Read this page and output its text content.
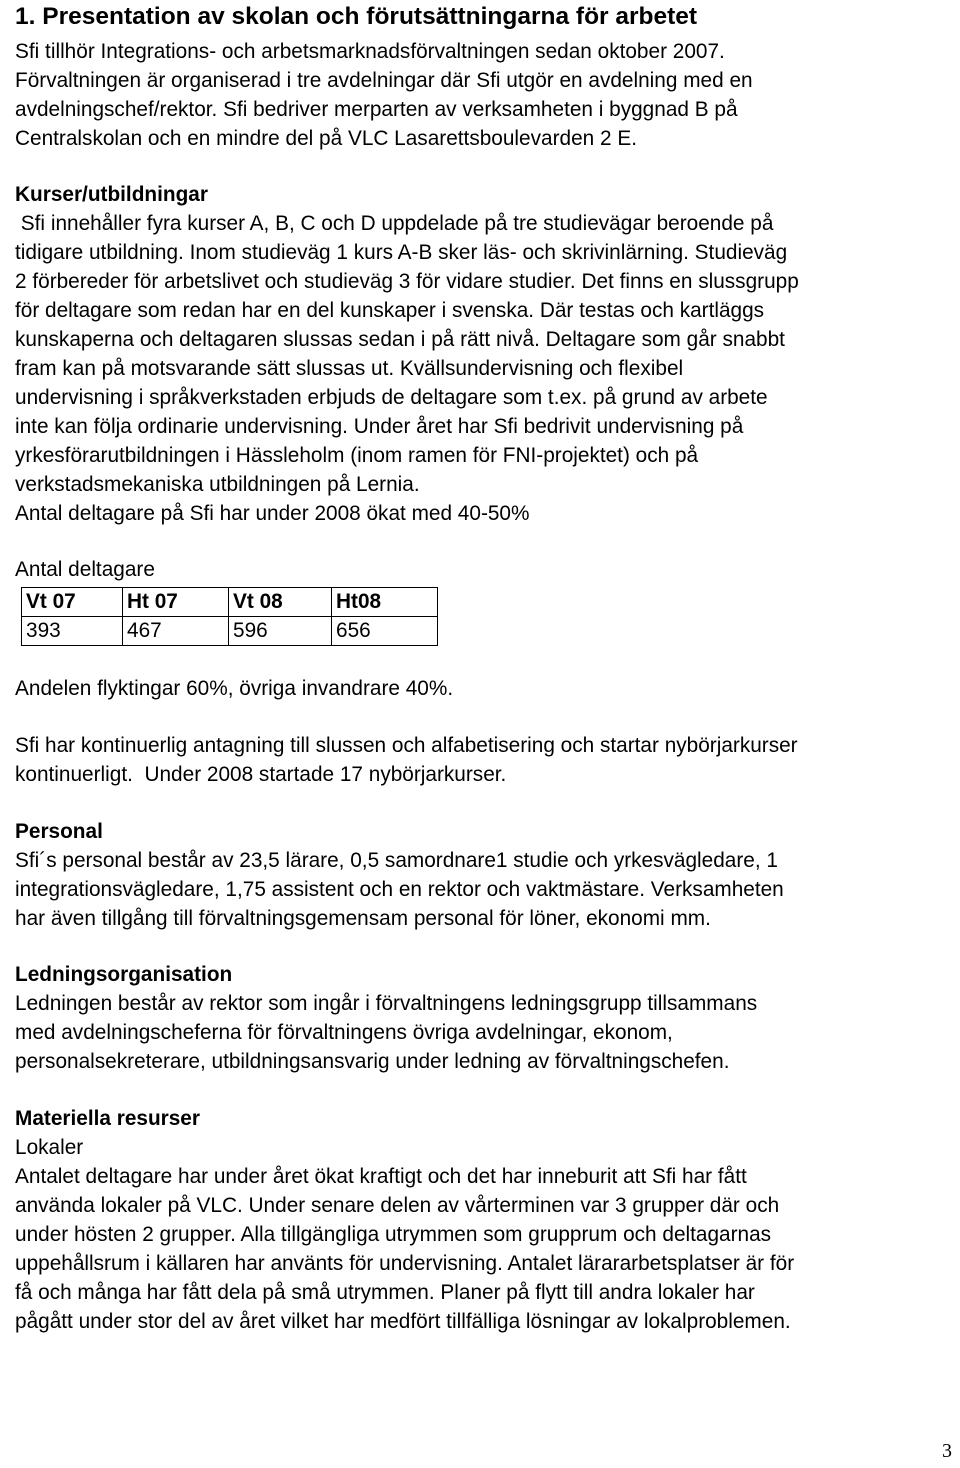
1. Presentation av skolan och förutsättningarna för arbetet
Sfi tillhör Integrations- och arbetsmarknadsförvaltningen sedan oktober 2007.
Förvaltningen är organiserad i tre avdelningar där Sfi utgör en avdelning med en
avdelningschef/rektor. Sfi bedriver merparten av verksamheten i byggnad B på
Centralskolan och en mindre del på VLC Lasarettsboulevarden 2 E.
Kurser/utbildningar
Sfi innehåller fyra kurser A, B, C och D uppdelade på tre studievägar beroende på
tidigare utbildning. Inom studieväg 1 kurs A-B sker läs- och skrivinlärning. Studieväg
2 förbereder för arbetslivet och studieväg 3 för vidare studier. Det finns en slussgrupp
för deltagare som redan har en del kunskaper i svenska. Där testas och kartläggs
kunskaperna och deltagaren slussas sedan i på rätt nivå. Deltagare som går snabbt
fram kan på motsvarande sätt slussas ut. Kvällsundervisning och flexibel
undervisning i språkverkstaden erbjuds de deltagare som t.ex. på grund av arbete
inte kan följa ordinarie undervisning. Under året har Sfi bedrivit undervisning på
yrkesförarutbildningen i Hässleholm (inom ramen för FNI-projektet) och på
verkstadsmekaniska utbildningen på Lernia.
Antal deltagare på Sfi har under 2008 ökat med 40-50%
Antal deltagare
Vt 07	Ht 07	Vt 08	Ht08
393	467	596	656
Andelen flyktingar 60%, övriga invandrare 40%.
Sfi har kontinuerlig antagning till slussen och alfabetisering och startar nybörjarkurser
kontinuerligt.  Under 2008 startade 17 nybörjarkurser.
Personal
Sfi´s personal består av 23,5 lärare, 0,5 samordnare1 studie och yrkesvägledare, 1
integrationsvägledare, 1,75 assistent och en rektor och vaktmästare. Verksamheten
har även tillgång till förvaltningsgemensam personal för löner, ekonomi mm.
Ledningsorganisation
Ledningen består av rektor som ingår i förvaltningens ledningsgrupp tillsammans
med avdelningscheferna för förvaltningens övriga avdelningar, ekonom,
personalsekreterare, utbildningsansvarig under ledning av förvaltningschefen.
Materiella resurser
Lokaler
Antalet deltagare har under året ökat kraftigt och det har inneburit att Sfi har fått
använda lokaler på VLC. Under senare delen av vårterminen var 3 grupper där och
under hösten 2 grupper. Alla tillgängliga utrymmen som grupprum och deltagarnas
uppehållsrum i källaren har använts för undervisning. Antalet lärararbetsplatser är för
få och många har fått dela på små utrymmen. Planer på flytt till andra lokaler har
pågått under stor del av året vilket har medfört tillfälliga lösningar av lokalproblemen.
3
